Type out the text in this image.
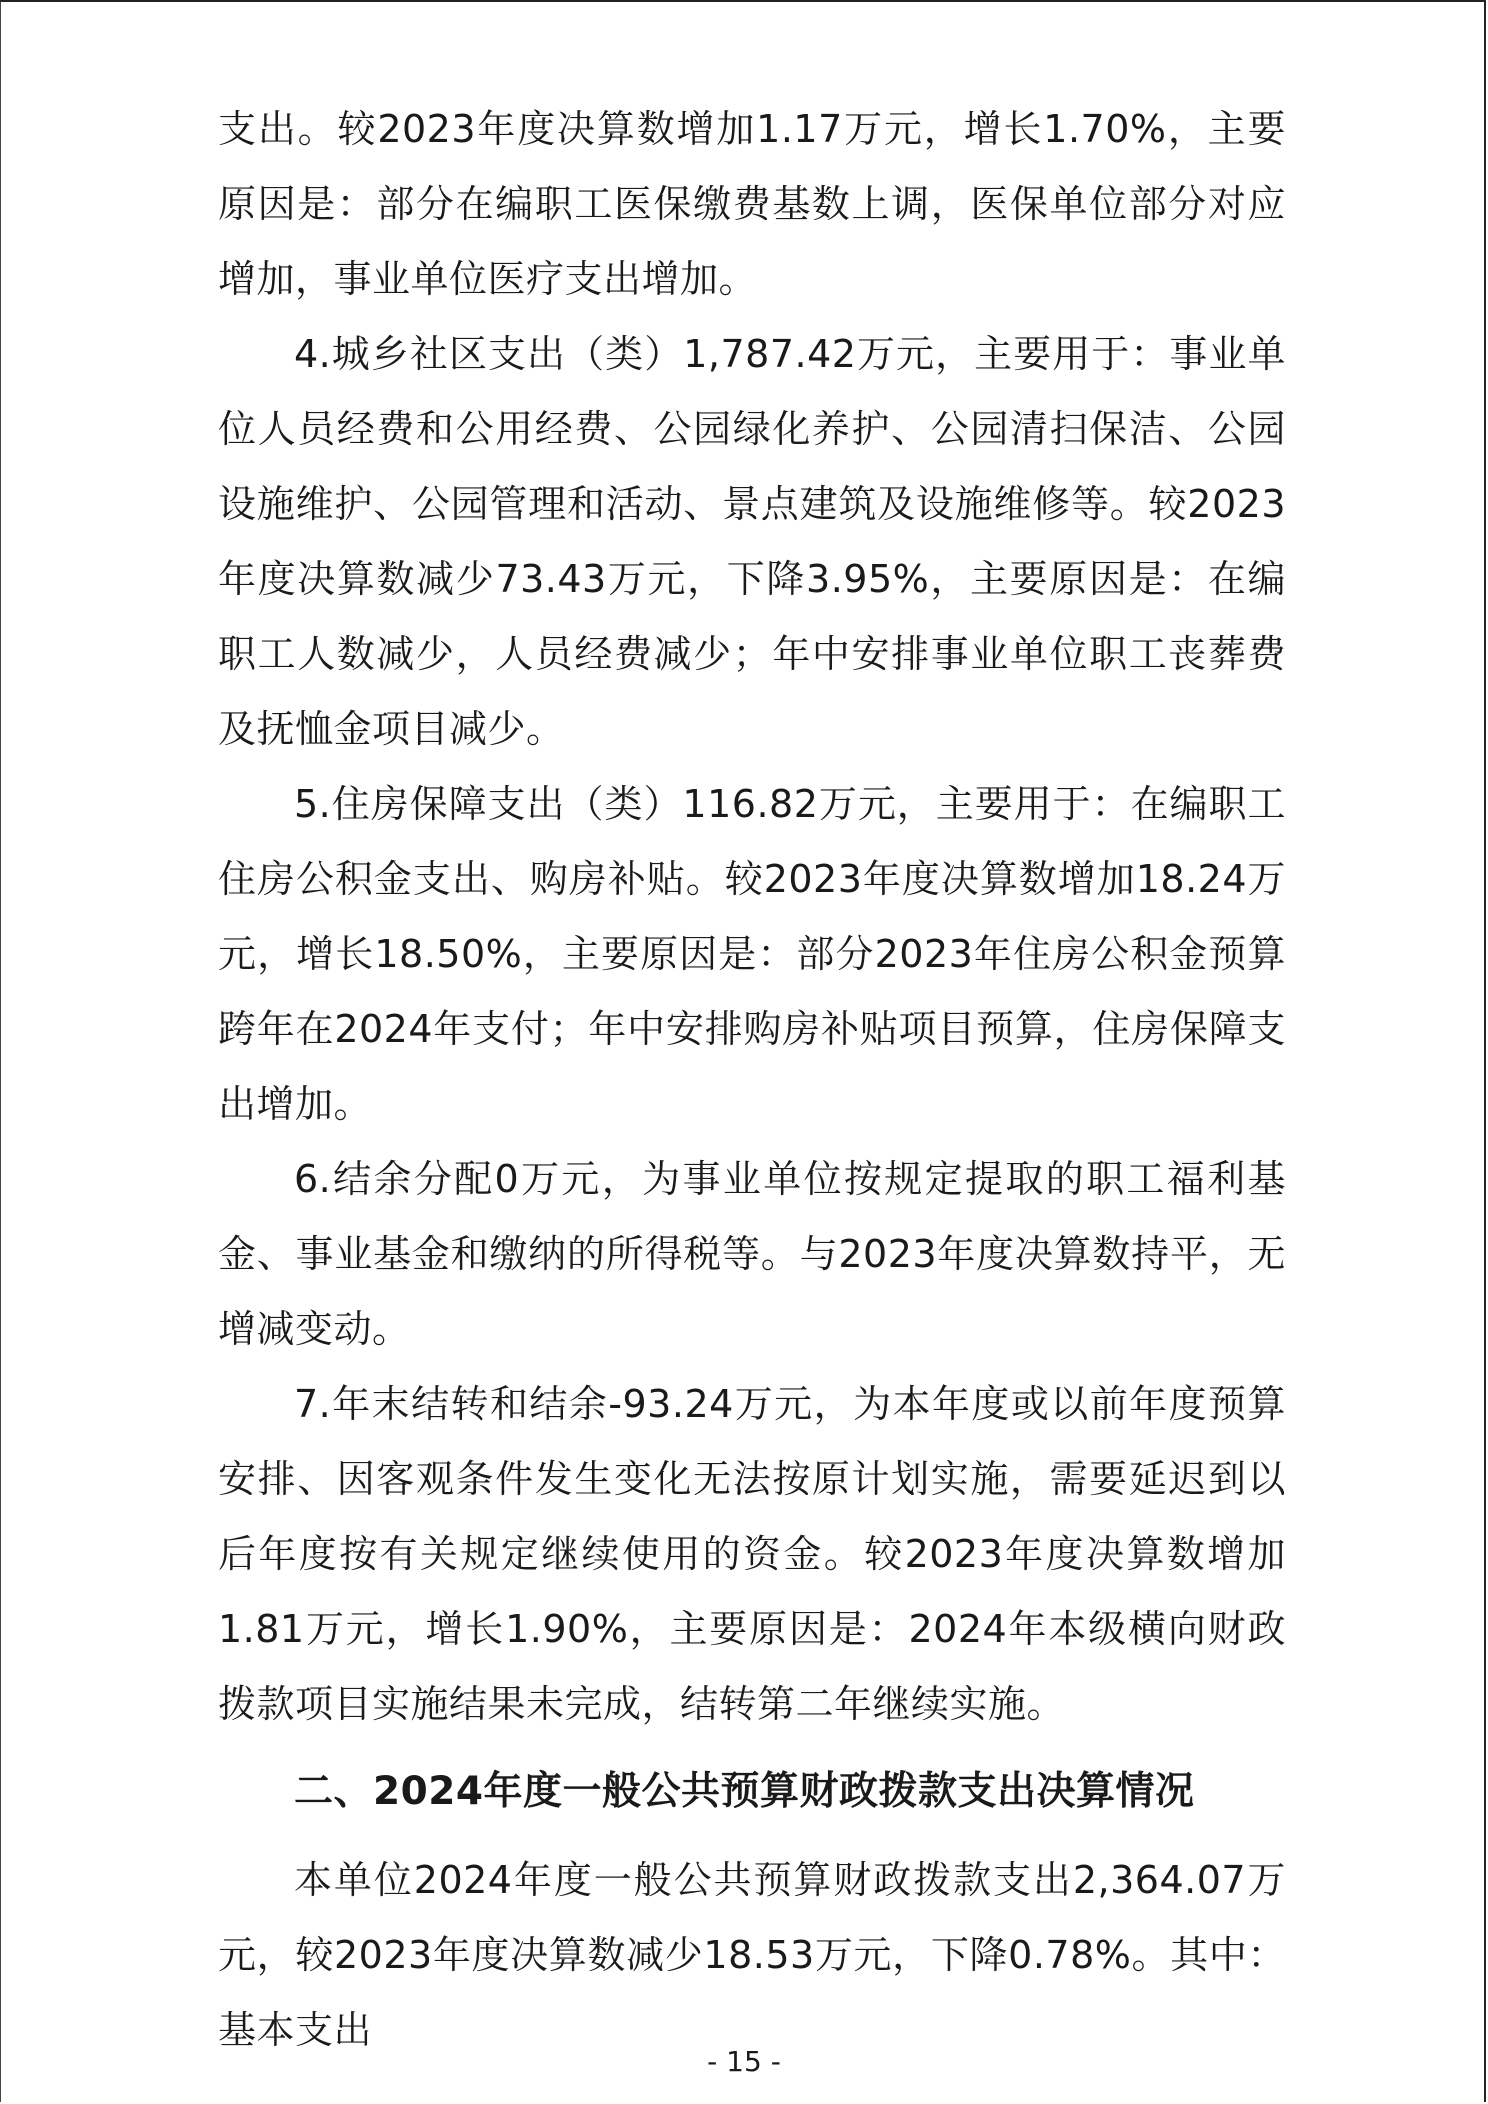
支出。较2023年度决算数增加1.17万元，增长1.70%，主要原因是：部分在编职工医保缴费基数上调，医保单位部分对应增加，事业单位医疗支出增加。

4.城乡社区支出（类）1,787.42万元，主要用于：事业单位人员经费和公用经费、公园绿化养护、公园清扫保洁、公园设施维护、公园管理和活动、景点建筑及设施维修等。较2023年度决算数减少73.43万元，下降3.95%，主要原因是：在编职工人数减少，人员经费减少；年中安排事业单位职工丧葬费及抚恤金项目减少。

5.住房保障支出（类）116.82万元，主要用于：在编职工住房公积金支出、购房补贴。较2023年度决算数增加18.24万元，增长18.50%，主要原因是：部分2023年住房公积金预算跨年在2024年支付；年中安排购房补贴项目预算，住房保障支出增加。

6.结余分配0万元，为事业单位按规定提取的职工福利基金、事业基金和缴纳的所得税等。与2023年度决算数持平，无增减变动。

7.年末结转和结余-93.24万元，为本年度或以前年度预算安排、因客观条件发生变化无法按原计划实施，需要延迟到以后年度按有关规定继续使用的资金。较2023年度决算数增加1.81万元，增长1.90%，主要原因是：2024年本级横向财政拨款项目实施结果未完成，结转第二年继续实施。

二、2024年度一般公共预算财政拨款支出决算情况

本单位2024年度一般公共预算财政拨款支出2,364.07万元，较2023年度决算数减少18.53万元，下降0.78%。其中：基本支出

- 15 -
